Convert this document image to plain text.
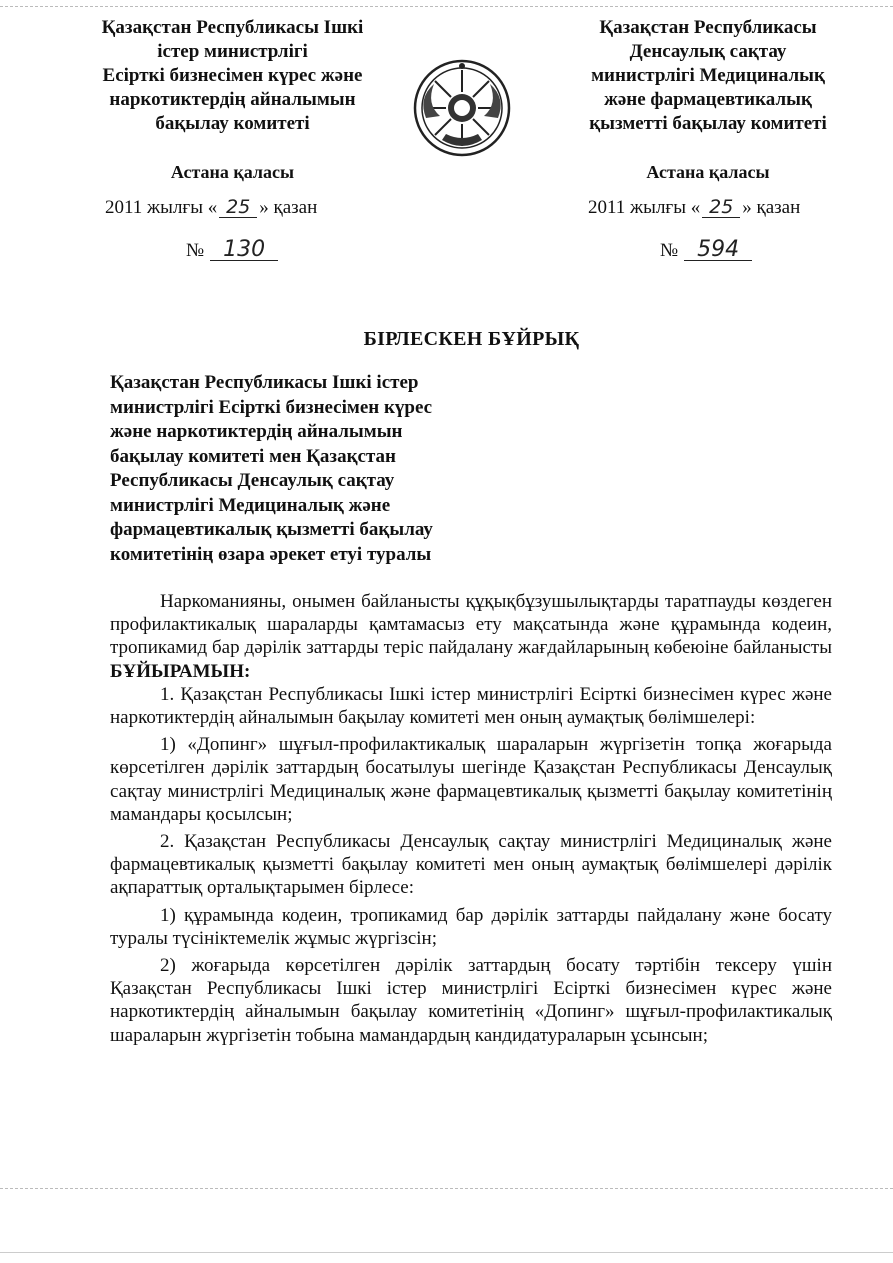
Қазақстан Республикасы Ішкі
істер министрлігі
Есірткі бизнесімен күрес және
наркотиктердің айналымын
бақылау комитеті
Қазақстан Республикасы
Денсаулық сақтау
министрлігі Медициналық
және фармацевтикалық
қызметті бақылау комитеті
Астана қаласы	Астана қаласы
2011 жылғы « 25 » қазан	2011 жылғы « 25 » қазан
№ 130	№ 594
БІРЛЕСКЕН БҰЙРЫҚ
Қазақстан Республикасы Ішкі істер
министрлігі Есірткі бизнесімен күрес
және наркотиктердің айналымын
бақылау комитеті мен Қазақстан
Республикасы Денсаулық сақтау
министрлігі Медициналық және
фармацевтикалық қызметті бақылау
комитетінің өзара әрекет етуі туралы

Наркоманияны, онымен байланысты құқықбұзушылықтарды таратпауды көздеген профилактикалық шараларды қамтамасыз ету мақсатында және құрамында кодеин, тропикамид бар дәрілік заттарды теріс пайдалану жағдайларының көбеюіне байланысты БҰЙЫРАМЫН:

1. Қазақстан Республикасы Ішкі істер министрлігі Есірткі бизнесімен күрес және наркотиктердің айналымын бақылау комитеті мен оның аумақтық бөлімшелері:

1) «Допинг» шұғыл-профилактикалық шараларын жүргізетін топқа жоғарыда көрсетілген дәрілік заттардың босатылуы шегінде Қазақстан Республикасы Денсаулық сақтау министрлігі Медициналық және фармацевтикалық қызметті бақылау комитетінің мамандары қосылсын;

2. Қазақстан Республикасы Денсаулық сақтау министрлігі Медициналық және фармацевтикалық қызметті бақылау комитеті мен оның аумақтық бөлімшелері дәрілік ақпараттық орталықтарымен бірлесе:

1) құрамында кодеин, тропикамид бар дәрілік заттарды пайдалану және босату туралы түсініктемелік жұмыс жүргізсін;

2) жоғарыда көрсетілген дәрілік заттардың босату тәртібін тексеру үшін Қазақстан Республикасы Ішкі істер министрлігі Есірткі бизнесімен күрес және наркотиктердің айналымын бақылау комитетінің «Допинг» шұғыл-профилактикалық шараларын жүргізетін тобына мамандардың кандидатураларын ұсынсын;
